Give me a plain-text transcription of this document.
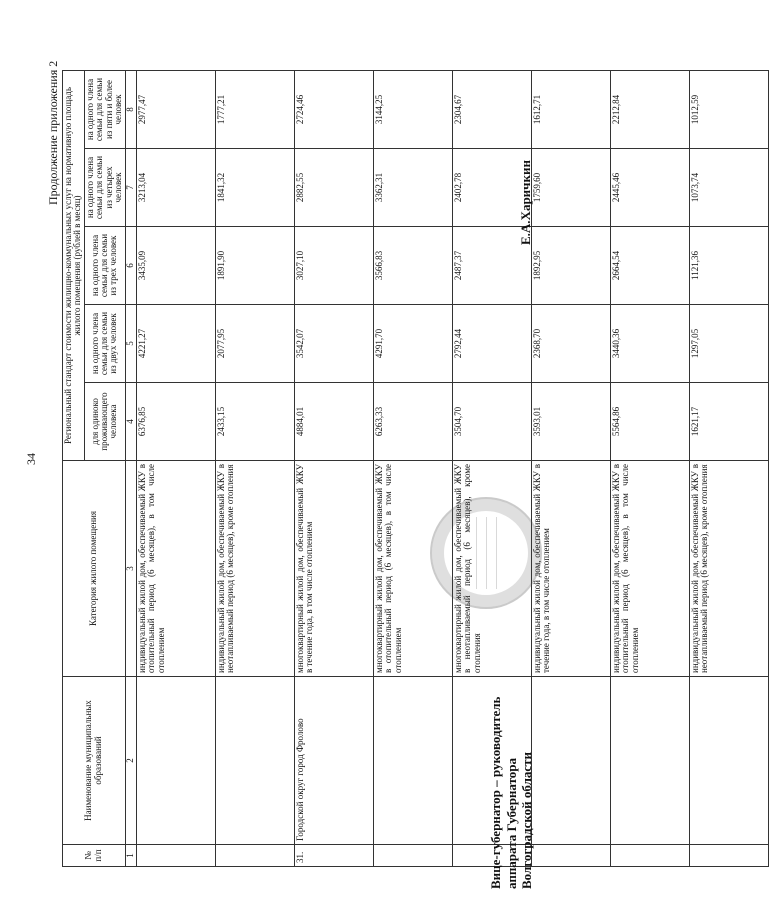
34
Продолжение приложения 2
№ п/п	Наименование муниципальных образований	Категория жилого помещения	Региональный стандарт стоимости жилищно-коммунальных услуг на нормативную площадь жилого помещения (рублей в месяц)				
			для одиноко проживающего человека	на одного члена семьи для семьи из двух человек	на одного члена семьи для семьи из трех человек	на одного члена семьи для семьи из четырех человек	на одного члена семьи для семьи из пяти и более человек
1	2	3	4	5	6	7	8
		индивидуальный жилой дом, обеспечиваемый ЖКУ в отопительный период (6 месяцев), в том числе отоплением	6376,85	4221,27	3435,09	3213,04	2977,47
		индивидуальный жилой дом, обеспечиваемый ЖКУ в неотапливаемый период (6 месяцев), кроме отопления	2433,15	2077,95	1891,90	1841,32	1777,21
31.	Городской округ город Фролово	многоквартирный жилой дом, обеспечиваемый ЖКУ в течение года, в том числе отоплением	4884,01	3542,07	3027,10	2882,55	2724,46
		многоквартирный жилой дом, обеспечиваемый ЖКУ в отопительный период (6 месяцев), в том числе отоплением	6263,33	4291,70	3566,83	3362,31	3144,25
		многоквартирный жилой дом, обеспечиваемый ЖКУ в неотапливаемый период (6 месяцев), кроме отопления	3504,70	2792,44	2487,37	2402,78	2304,67
		индивидуальный жилой дом, обеспечиваемый ЖКУ в течение года, в том числе отоплением	3593,01	2368,70	1892,95	1759,60	1612,71
		индивидуальный жилой дом, обеспечиваемый ЖКУ в отопительный период (6 месяцев), в том числе отоплением	5564,86	3440,36	2664,54	2445,46	2212,84
		индивидуальный жилой дом, обеспечиваемый ЖКУ в неотапливаемый период (6 месяцев), кроме отопления	1621,17	1297,05	1121,36	1073,74	1012,59
Вице-губернатор – руководитель аппарата Губернатора Волгоградской области
Е.А.Харичкин
